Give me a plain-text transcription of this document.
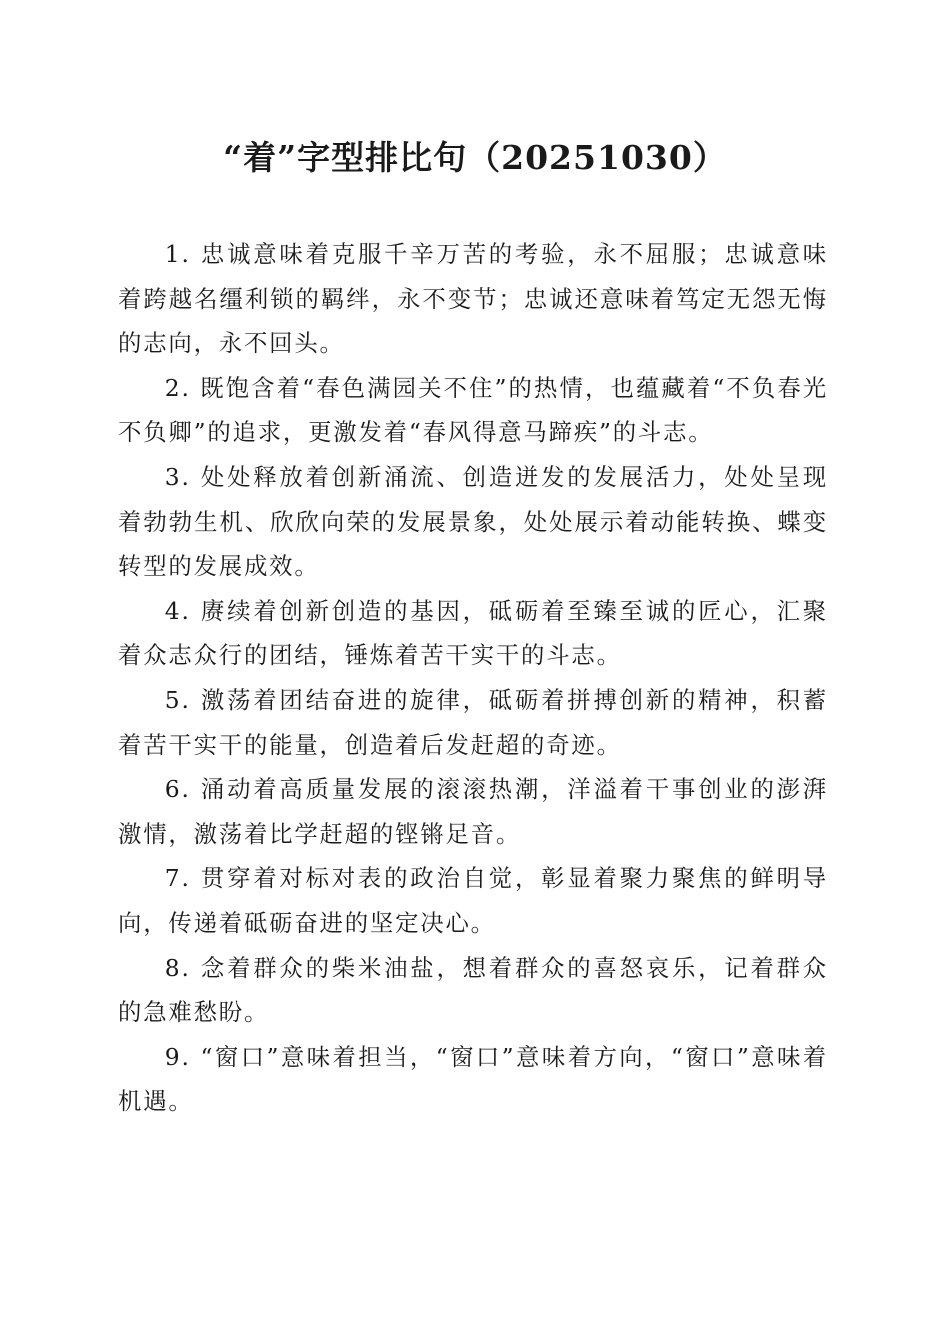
“着”字型排比句（20251030）

1. 忠诚意味着克服千辛万苦的考验，永不屈服；忠诚意味着跨越名缰利锁的羁绊，永不变节；忠诚还意味着笃定无怨无悔的志向，永不回头。

2. 既饱含着“春色满园关不住”的热情，也蕴藏着“不负春光不负卿”的追求，更激发着“春风得意马蹄疾”的斗志。

3. 处处释放着创新涌流、创造迸发的发展活力，处处呈现着勃勃生机、欣欣向荣的发展景象，处处展示着动能转换、蝶变转型的发展成效。

4. 赓续着创新创造的基因，砥砺着至臻至诚的匠心，汇聚着众志众行的团结，锤炼着苦干实干的斗志。

5. 激荡着团结奋进的旋律，砥砺着拼搏创新的精神，积蓄着苦干实干的能量，创造着后发赶超的奇迹。

6. 涌动着高质量发展的滚滚热潮，洋溢着干事创业的澎湃激情，激荡着比学赶超的铿锵足音。

7. 贯穿着对标对表的政治自觉，彰显着聚力聚焦的鲜明导向，传递着砥砺奋进的坚定决心。

8. 念着群众的柴米油盐，想着群众的喜怒哀乐，记着群众的急难愁盼。

9. “窗口”意味着担当，“窗口”意味着方向，“窗口”意味着机遇。
